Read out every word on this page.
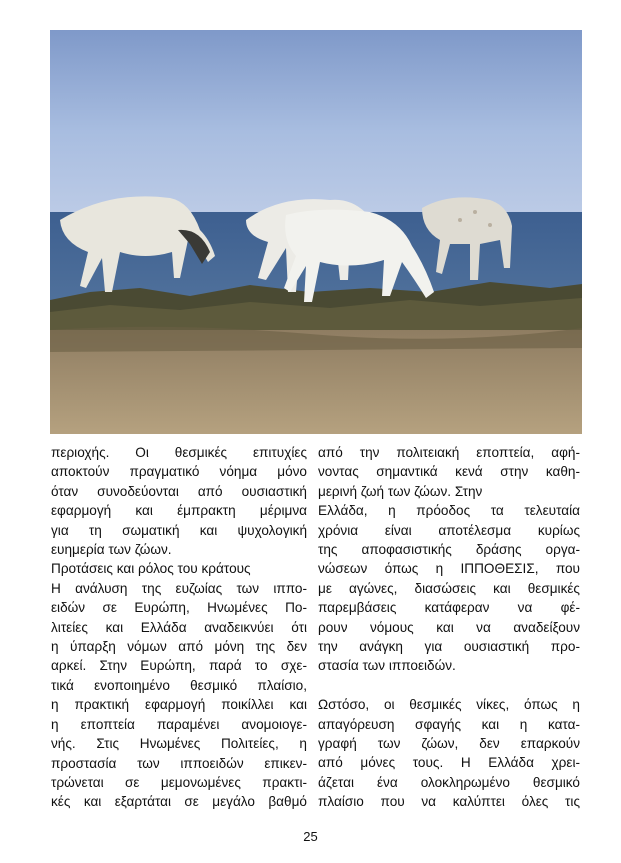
περιοχής. Οι θεσμικές επιτυχίες
αποκτούν πραγματικό νόημα μόνο
όταν συνοδεύονται από ουσιαστική
εφαρμογή και έμπρακτη μέριμνα
για τη σωματική και ψυχολογική
ευημερία των ζώων.
Προτάσεις και ρόλος του κράτους
Η ανάλυση της ευζωίας των ιππο-
ειδών σε Ευρώπη, Ηνωμένες Πο-
λιτείες και Ελλάδα αναδεικνύει ότι
η ύπαρξη νόμων από μόνη της δεν
αρκεί. Στην Ευρώπη, παρά το σχε-
τικά ενοποιημένο θεσμικό πλαίσιο,
η πρακτική εφαρμογή ποικίλλει και
η εποπτεία παραμένει ανομοιογε-
νής. Στις Ηνωμένες Πολιτείες, η
προστασία των ιπποειδών επικεν-
τρώνεται σε μεμονωμένες πρακτι-
κές και εξαρτάται σε μεγάλο βαθμό
από την πολιτειακή εποπτεία, αφή-
νοντας σημαντικά κενά στην καθη-
μερινή ζωή των ζώων. Στην
Ελλάδα, η πρόοδος τα τελευταία
χρόνια είναι αποτέλεσμα κυρίως
της αποφασιστικής δράσης οργα-
νώσεων όπως η ΙΠΠΟΘΕΣΙΣ, που
με αγώνες, διασώσεις και θεσμικές
παρεμβάσεις κατάφεραν να φέ-
ρουν νόμους και να αναδείξουν
την ανάγκη για ουσιαστική προ-
στασία των ιπποειδών.
Ωστόσο, οι θεσμικές νίκες, όπως η
απαγόρευση σφαγής και η κατα-
γραφή των ζώων, δεν επαρκούν
από μόνες τους. Η Ελλάδα χρει-
άζεται ένα ολοκληρωμένο θεσμικό
πλαίσιο που να καλύπτει όλες τις
25
